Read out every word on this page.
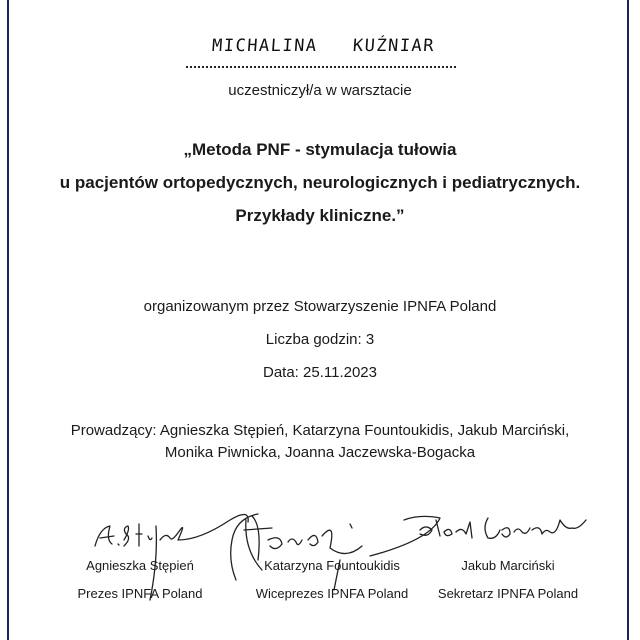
MICHALINA   KUŹNIAR
uczestniczył/a w warsztacie
„Metoda PNF - stymulacja tułowia
u pacjentów ortopedycznych, neurologicznych i pediatrycznych.
Przykłady kliniczne.”
organizowanym przez Stowarzyszenie IPNFA Poland
Liczba godzin: 3
Data: 25.11.2023
Prowadzący: Agnieszka Stępień, Katarzyna Fountoukidis, Jakub Marciński,
Monika Piwnicka, Joanna Jaczewska-Bogacka
Agnieszka Stępień
Prezes IPNFA Poland
Katarzyna Fountoukidis
Wiceprezes IPNFA Poland
Jakub Marciński
Sekretarz IPNFA Poland
